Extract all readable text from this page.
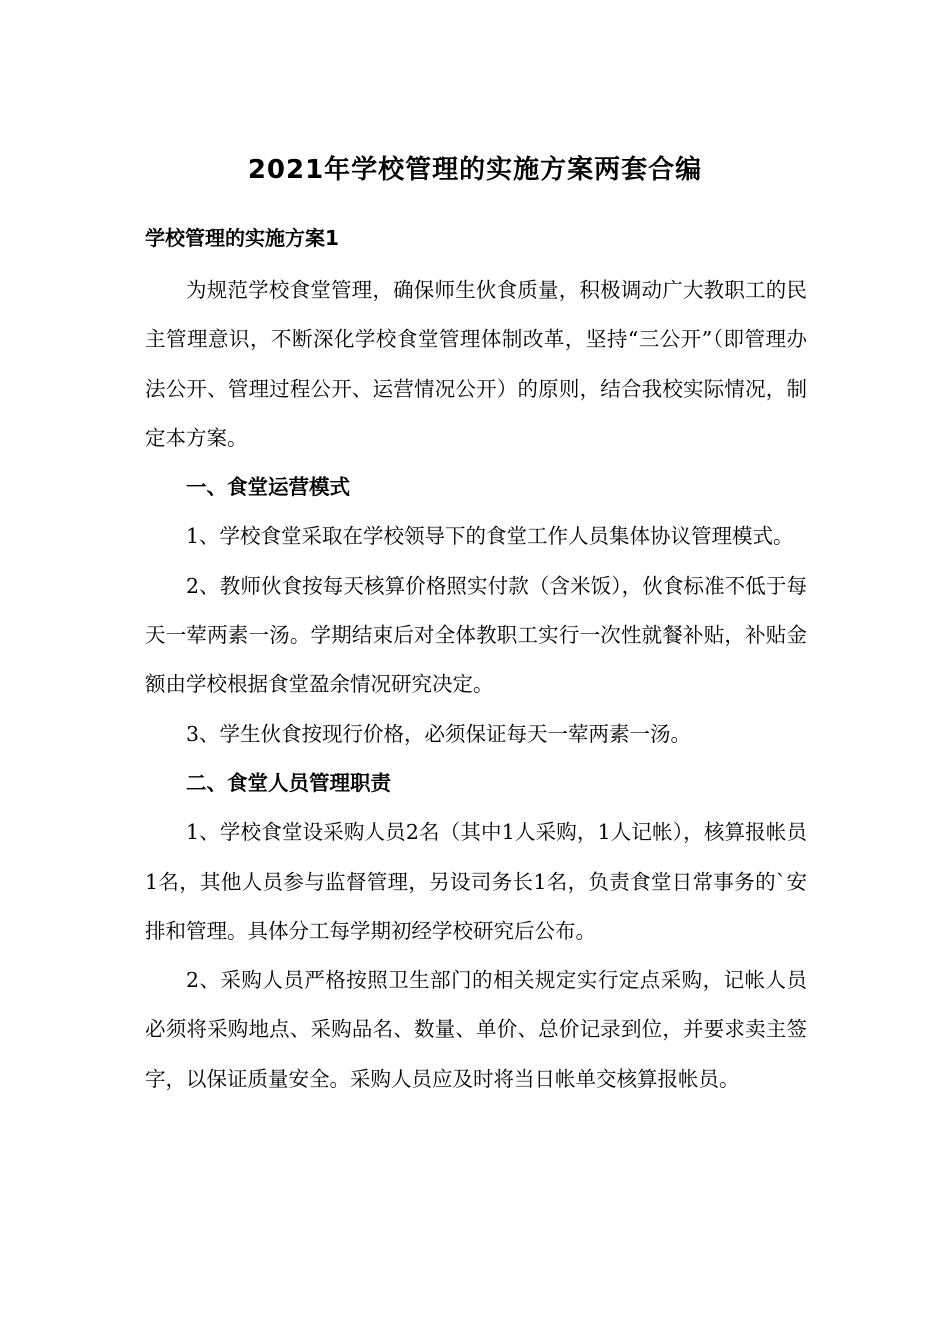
2021年学校管理的实施方案两套合编
学校管理的实施方案1

为规范学校食堂管理，确保师生伙食质量，积极调动广大教职工的民主管理意识，不断深化学校食堂管理体制改革，坚持“三公开”（即管理办法公开、管理过程公开、运营情况公开）的原则，结合我校实际情况，制定本方案。

一、食堂运营模式

1、学校食堂采取在学校领导下的食堂工作人员集体协议管理模式。

2、教师伙食按每天核算价格照实付款（含米饭），伙食标准不低于每天一荤两素一汤。学期结束后对全体教职工实行一次性就餐补贴，补贴金额由学校根据食堂盈余情况研究决定。

3、学生伙食按现行价格，必须保证每天一荤两素一汤。

二、食堂人员管理职责

1、学校食堂设采购人员2名（其中1人采购，1人记帐），核算报帐员1名，其他人员参与监督管理，另设司务长1名，负责食堂日常事务的`安排和管理。具体分工每学期初经学校研究后公布。

2、采购人员严格按照卫生部门的相关规定实行定点采购，记帐人员必须将采购地点、采购品名、数量、单价、总价记录到位，并要求卖主签字，以保证质量安全。采购人员应及时将当日帐单交核算报帐员。
